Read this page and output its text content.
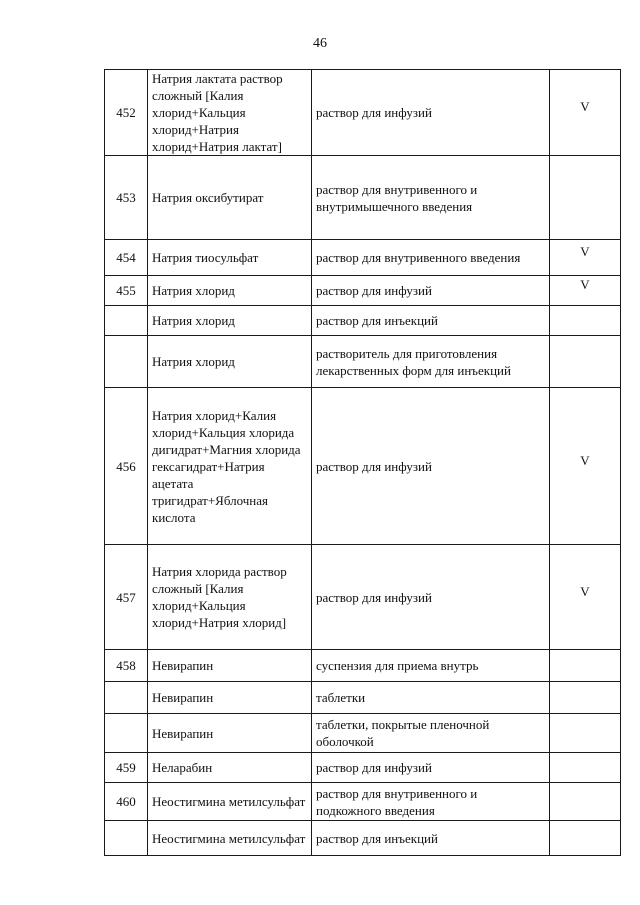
46
452	Натрия лактата раствор сложный [Калия хлорид+Кальция хлорид+Натрия хлорид+Натрия лактат]	раствор для инфузий	V
453	Натрия оксибутират	раствор для внутривенного и внутримышечного введения	
454	Натрия тиосульфат	раствор для внутривенного введения	V
455	Натрия хлорид	раствор для инфузий	V
	Натрия хлорид	раствор для инъекций	
	Натрия хлорид	растворитель для приготовления лекарственных форм для инъекций	
456	Натрия хлорид+Калия хлорид+Кальция хлорида дигидрат+Магния хлорида гексагидрат+Натрия ацетата тригидрат+Яблочная кислота	раствор для инфузий	V
457	Натрия хлорида раствор сложный [Калия хлорид+Кальция хлорид+Натрия хлорид]	раствор для инфузий	V
458	Невирапин	суспензия для приема внутрь	
	Невирапин	таблетки	
	Невирапин	таблетки, покрытые пленочной оболочкой	
459	Неларабин	раствор для инфузий	
460	Неостигмина метилсульфат	раствор для внутривенного и подкожного введения	
	Неостигмина метилсульфат	раствор для инъекций	
